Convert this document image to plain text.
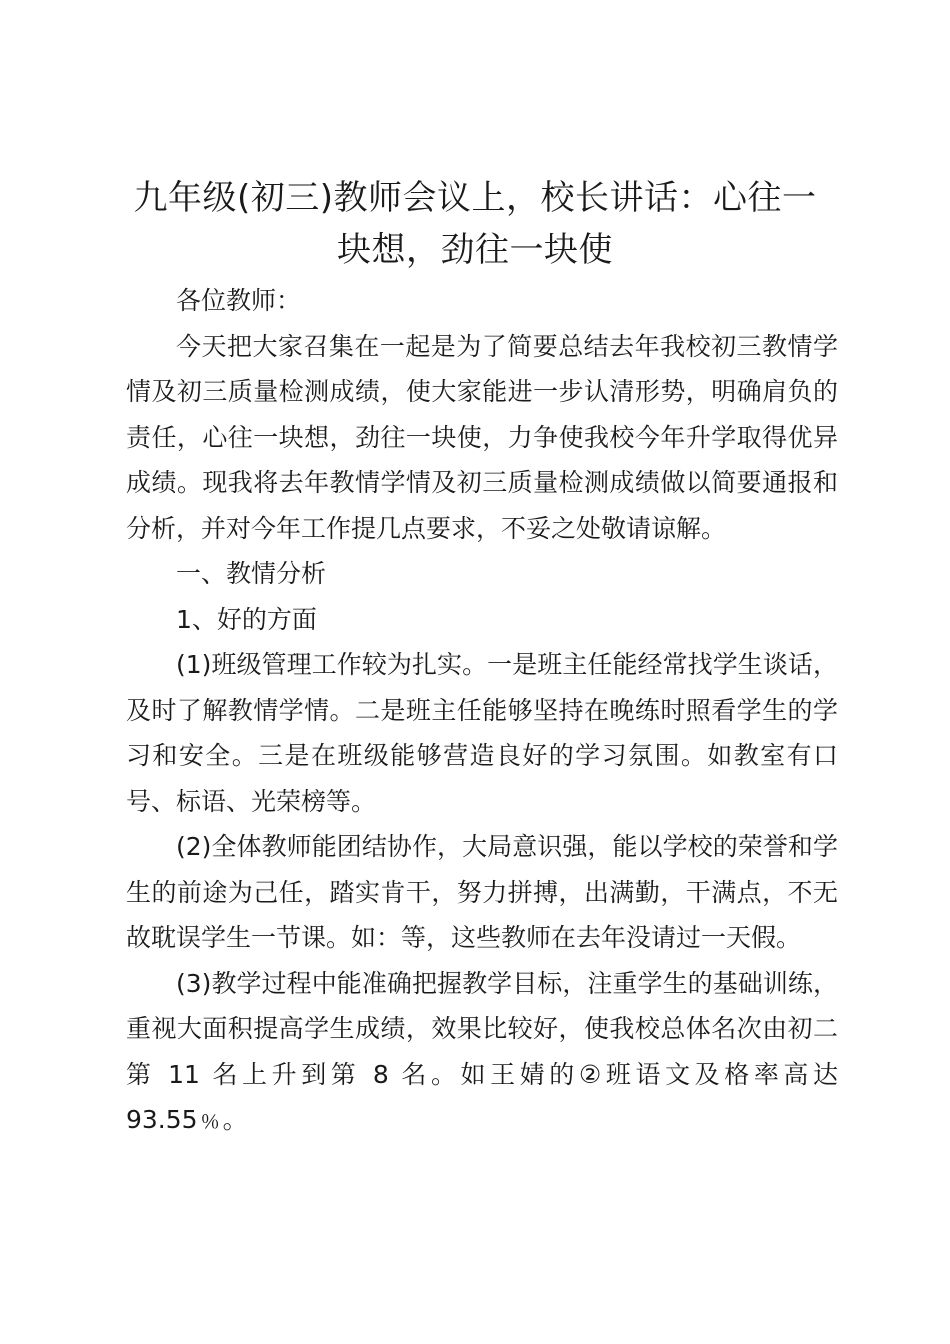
九年级(初三)教师会议上，校长讲话：心往一
块想，劲往一块使

各位教师：

今天把大家召集在一起是为了简要总结去年我校初三教情学情及初三质量检测成绩，使大家能进一步认清形势，明确肩负的责任，心往一块想，劲往一块使，力争使我校今年升学取得优异成绩。现我将去年教情学情及初三质量检测成绩做以简要通报和分析，并对今年工作提几点要求，不妥之处敬请谅解。

一、教情分析

1、好的方面

(1)班级管理工作较为扎实。一是班主任能经常找学生谈话，及时了解教情学情。二是班主任能够坚持在晚练时照看学生的学习和安全。三是在班级能够营造良好的学习氛围。如教室有口号、标语、光荣榜等。

(2)全体教师能团结协作，大局意识强，能以学校的荣誉和学生的前途为己任，踏实肯干，努力拼搏，出满勤，干满点，不无故耽误学生一节课。如：等，这些教师在去年没请过一天假。

(3)教学过程中能准确把握教学目标，注重学生的基础训练，重视大面积提高学生成绩，效果比较好，使我校总体名次由初二第 11 名上升到第 8 名。如王婧的②班语文及格率高达 93.55﹪。
